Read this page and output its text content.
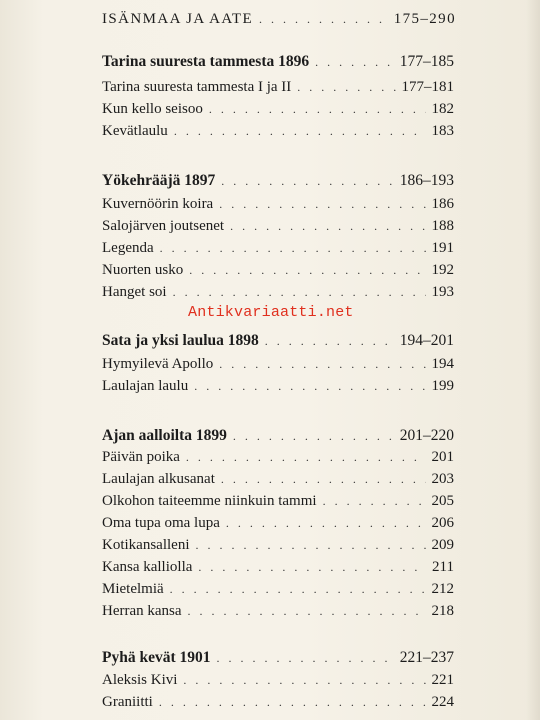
ISÄNMAA JA AATE . . .	175–290
Tarina suuresta tammesta 1896 . . .	177–185
Tarina suuresta tammesta I ja II . . .	177–181
Kun kello seisoo . . .	182
Kevätlaulu . . .	183
Yökehrääjä 1897 . . .	186–193
Kuvernöörin koira . . .	186
Salojärven joutsenet . . .	188
Legenda . . .	191
Nuorten usko . . .	192
Hanget soi . . .	193
Antikvariaatti.net
Sata ja yksi laulua 1898 . . .	194–201
Hymyilevä Apollo . . .	194
Laulajan laulu . . .	199
Ajan aalloilta 1899 . . .	201–220
Päivän poika . . .	201
Laulajan alkusanat . . .	203
Olkohon taiteemme niinkuin tammi . . .	205
Oma tupa oma lupa . . .	206
Kotikansalleni . . .	209
Kansa kalliolla . . .	211
Mietelmiä . . .	212
Herran kansa . . .	218
Pyhä kevät 1901 . . .	221–237
Aleksis Kivi . . .	221
Graniitti . . .	224
